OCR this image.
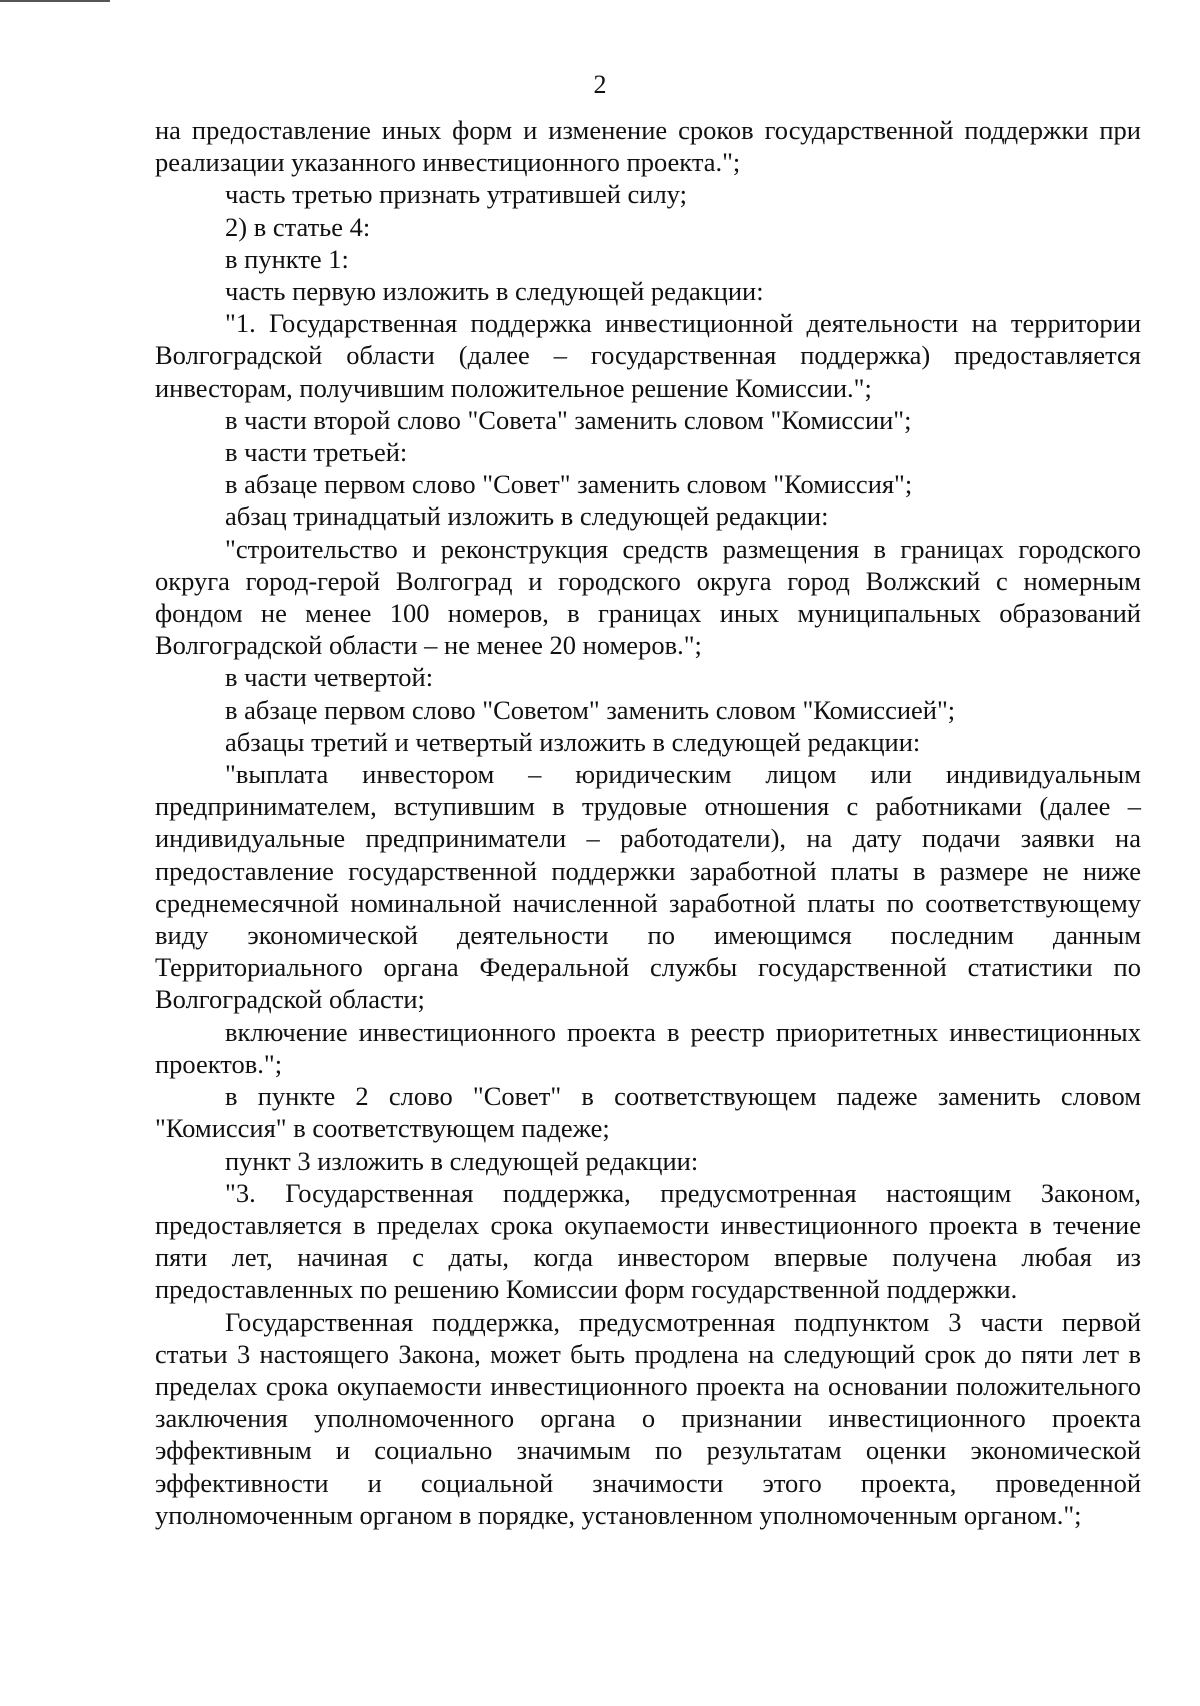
2

на предоставление иных форм и изменение сроков государственной поддержки при реализации указанного инвестиционного проекта.";

часть третью признать утратившей силу;

2) в статье 4:

в пункте 1:

часть первую изложить в следующей редакции:

"1. Государственная поддержка инвестиционной деятельности на территории Волгоградской области (далее – государственная поддержка) предоставляется инвесторам, получившим положительное решение Комиссии.";

в части второй слово "Совета" заменить словом "Комиссии";

в части третьей:

в абзаце первом слово "Совет" заменить словом "Комиссия";

абзац тринадцатый изложить в следующей редакции:

"строительство и реконструкция средств размещения в границах городского округа город-герой Волгоград и городского округа город Волжский с номерным фондом не менее 100 номеров, в границах иных муниципальных образований Волгоградской области – не менее 20 номеров.";

в части четвертой:

в абзаце первом слово "Советом" заменить словом "Комиссией";

абзацы третий и четвертый изложить в следующей редакции:

"выплата инвестором – юридическим лицом или индивидуальным предпринимателем, вступившим в трудовые отношения с работниками (далее – индивидуальные предприниматели – работодатели), на дату подачи заявки на предоставление государственной поддержки заработной платы в размере не ниже среднемесячной номинальной начисленной заработной платы по соответствующему виду экономической деятельности по имеющимся последним данным Территориального органа Федеральной службы государственной статистики по Волгоградской области;

включение инвестиционного проекта в реестр приоритетных инвестиционных проектов.";

в пункте 2 слово "Совет" в соответствующем падеже заменить словом "Комиссия" в соответствующем падеже;

пункт 3 изложить в следующей редакции:

"3. Государственная поддержка, предусмотренная настоящим Законом, предоставляется в пределах срока окупаемости инвестиционного проекта в течение пяти лет, начиная с даты, когда инвестором впервые получена любая из предоставленных по решению Комиссии форм государственной поддержки.

Государственная поддержка, предусмотренная подпунктом 3 части первой статьи 3 настоящего Закона, может быть продлена на следующий срок до пяти лет в пределах срока окупаемости инвестиционного проекта на основании положительного заключения уполномоченного органа о признании инвестиционного проекта эффективным и социально значимым по результатам оценки экономической эффективности и социальной значимости этого проекта, проведенной уполномоченным органом в порядке, установленном уполномоченным органом.";
